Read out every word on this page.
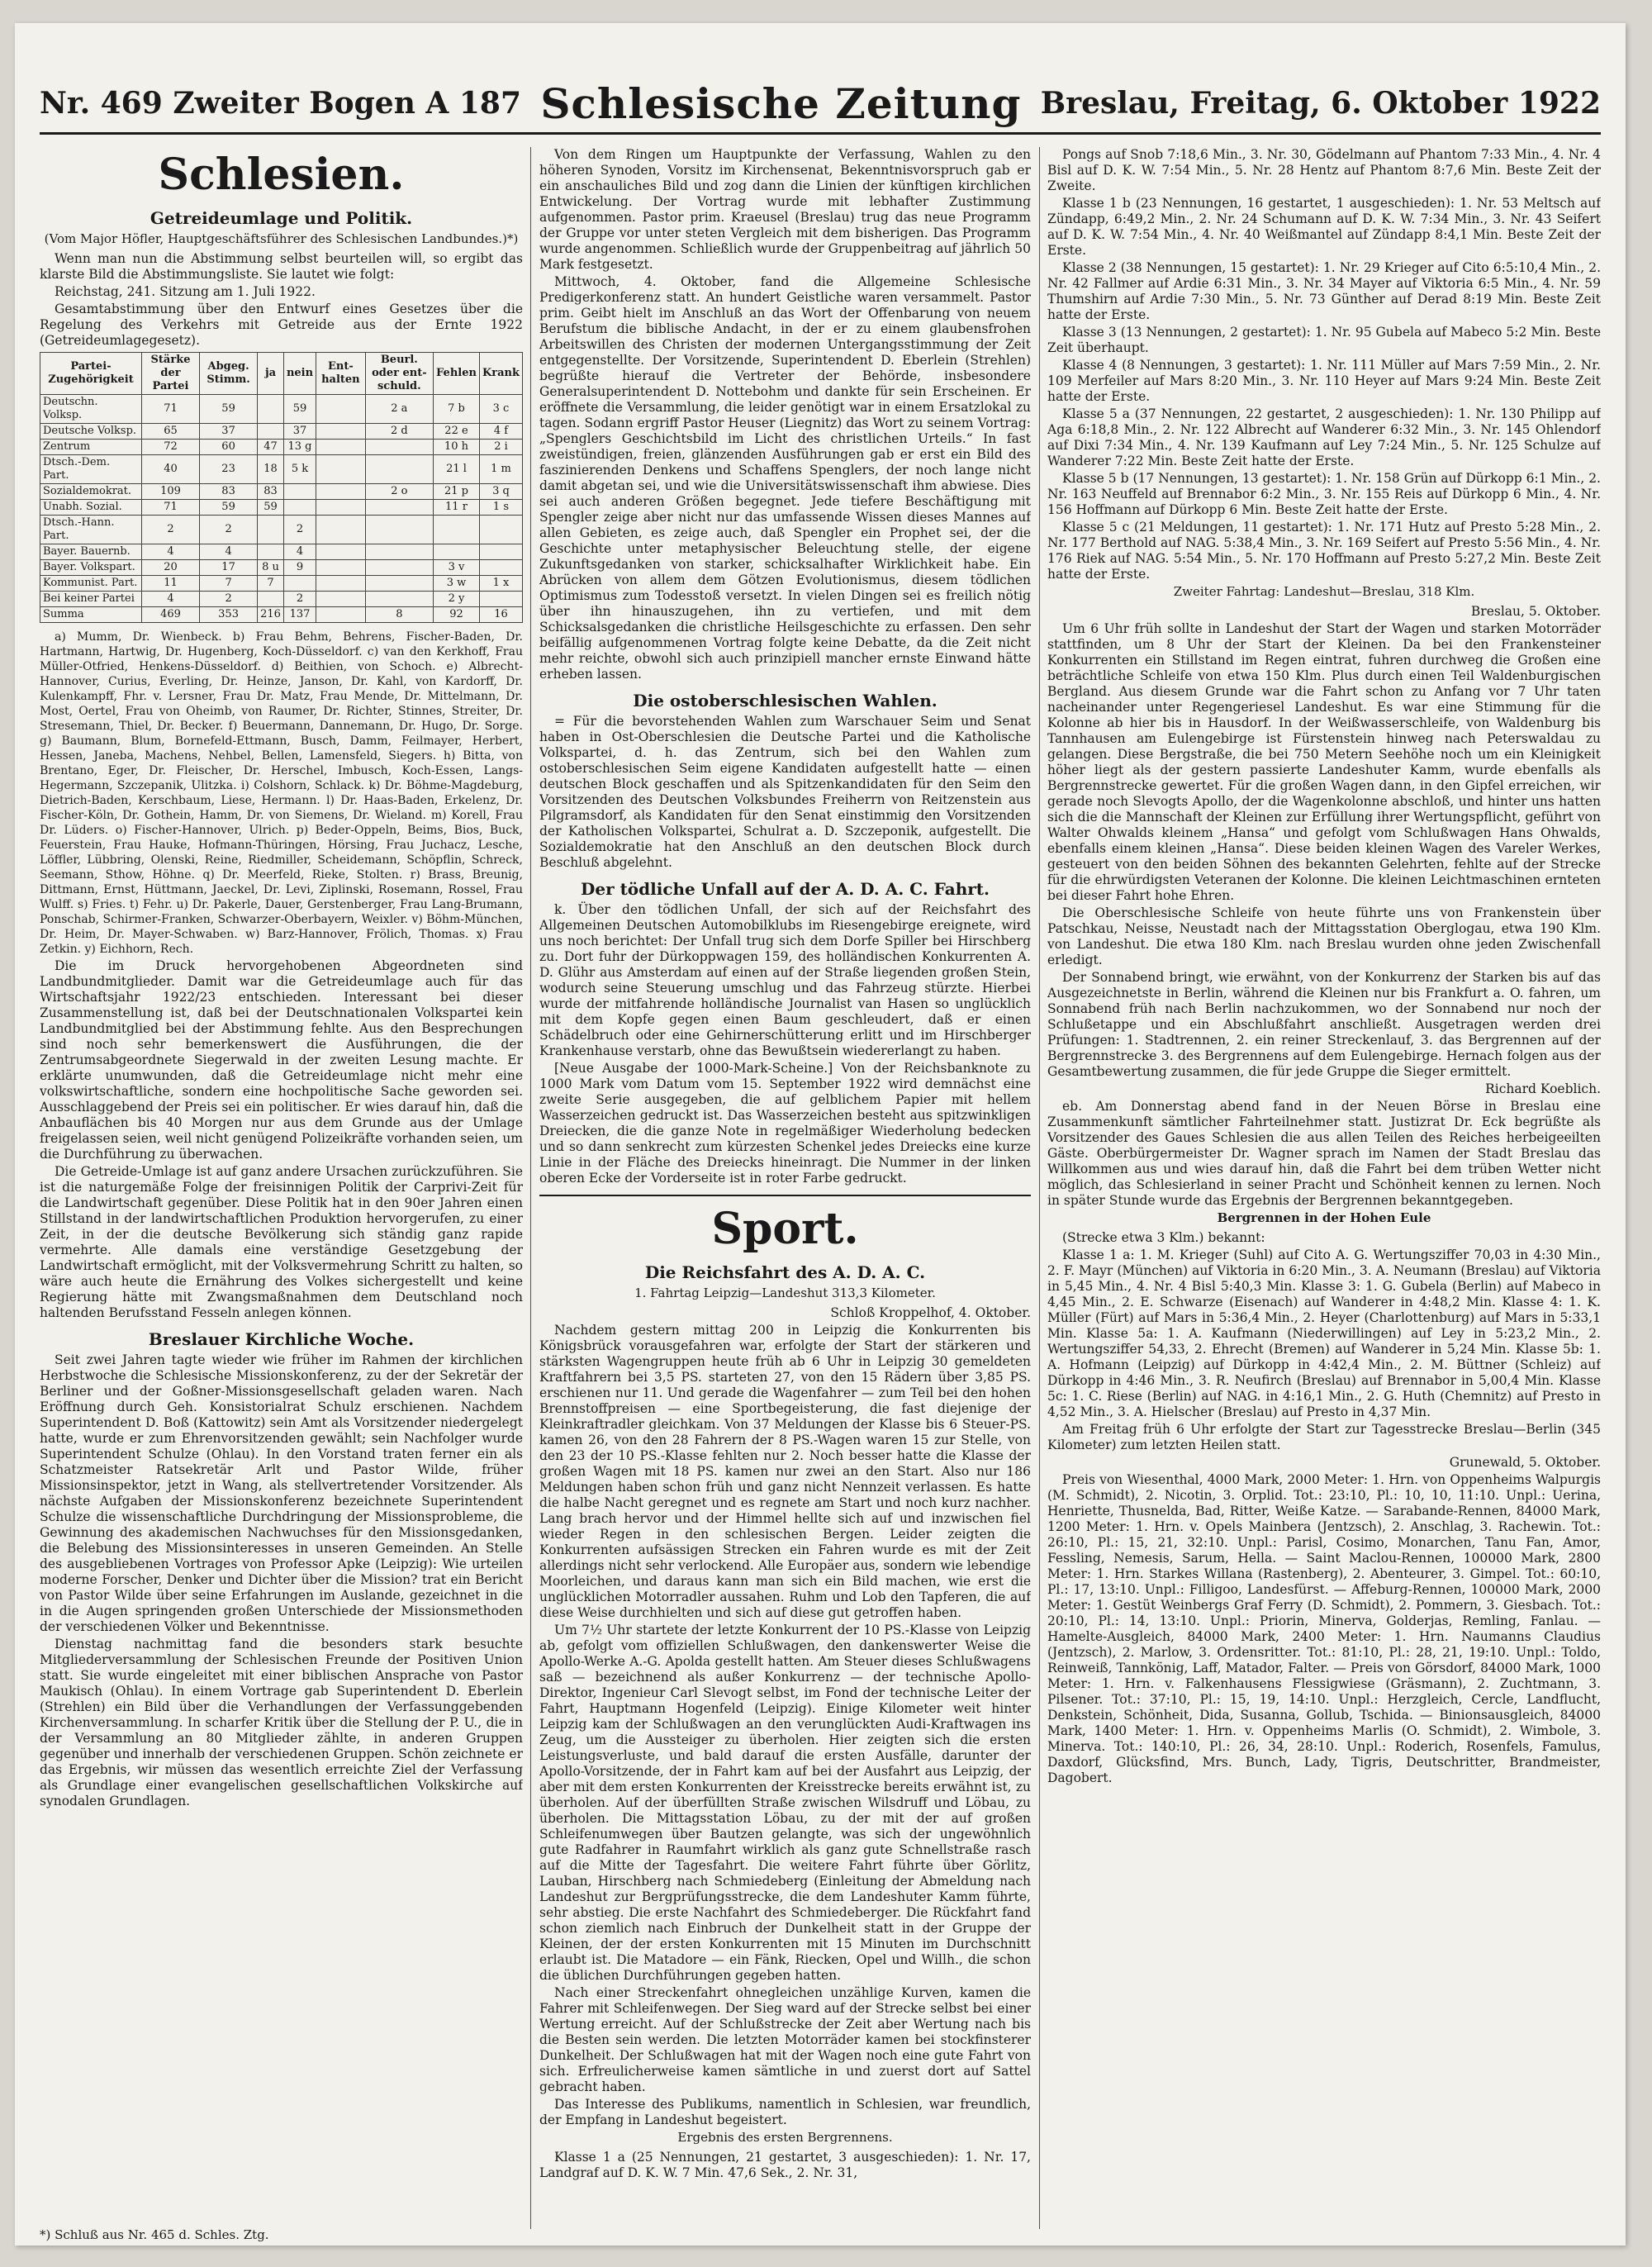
Nr. 469 Zweiter Bogen A 187 Schlesische Zeitung Breslau, Freitag, 6. Oktober 1922
Schlesien.
Getreideumlage und Politik.
(Vom Major Höfler, Hauptgeschäftsführer des Schlesischen Landbundes.)*)

Wenn man nun die Abstimmung selbst beurteilen will, so ergibt das klarste Bild die Abstimmungsliste. Sie lautet wie folgt:

Reichstag, 241. Sitzung am 1. Juli 1922.

Gesamtabstimmung über den Entwurf eines Gesetzes über die Regelung des Verkehrs mit Getreide aus der Ernte 1922 (Getreideumlagegesetz).

Partei-Zugehörigkeit	Stärke der Partei	Abgeg. Stimm.	ja	nein	Ent-halten	Beurl. oder ent-schuld.	Fehlen	Krank
Deutschn. Volksp.	71	59		59		2 a	7 b	3 c
Deutsche Volksp.	65	37		37		2 d	22 e	4 f
Zentrum	72	60	47	13 g			10 h	2 i
Dtsch.-Dem. Part.	40	23	18	5 k			21 l	1 m
Sozialdemokrat.	109	83	83			2 o	21 p	3 q
Unabh. Sozial.	71	59	59				11 r	1 s
Dtsch.-Hann. Part.	2	2		2				
Bayer. Bauernb.	4	4		4				
Bayer. Volkspart.	20	17	8 u	9			3 v	
Kommunist. Part.	11	7	7				3 w	1 x
Bei keiner Partei	4	2		2			2 y	
Summa	469	353	216	137		8	92	16

a) Mumm, Dr. Wienbeck. b) Frau Behm, Behrens, Fischer-Baden, Dr. Hartmann, Hartwig, Dr. Hugenberg, Koch-Düsseldorf. c) van den Kerkhoff, Frau Müller-Otfried, Henkens-Düsseldorf. d) Beithien, von Schoch. e) Albrecht-Hannover, Curius, Everling, Dr. Heinze, Janson, Dr. Kahl, von Kardorff, Dr. Kulenkampff, Fhr. v. Lersner, Frau Dr. Matz, Frau Mende, Dr. Mittelmann, Dr. Most, Oertel, Frau von Oheimb, von Raumer, Dr. Richter, Stinnes, Streiter, Dr. Stresemann, Thiel, Dr. Becker. f) Beuermann, Dannemann, Dr. Hugo, Dr. Sorge. g) Baumann, Blum, Bornefeld-Ettmann, Busch, Damm, Feilmayer, Herbert, Hessen, Janeba, Machens, Nehbel, Bellen, Lamensfeld, Siegers. h) Bitta, von Brentano, Eger, Dr. Fleischer, Dr. Herschel, Imbusch, Koch-Essen, Langs-Hegermann, Szczepanik, Ulitzka. i) Colshorn, Schlack. k) Dr. Böhme-Magdeburg, Dietrich-Baden, Kerschbaum, Liese, Hermann. l) Dr. Haas-Baden, Erkelenz, Dr. Fischer-Köln, Dr. Gothein, Hamm, Dr. von Siemens, Dr. Wieland. m) Korell, Frau Dr. Lüders. o) Fischer-Hannover, Ulrich. p) Beder-Oppeln, Beims, Bios, Buck, Feuerstein, Frau Hauke, Hofmann-Thüringen, Hörsing, Frau Juchacz, Lesche, Löffler, Lübbring, Olenski, Reine, Riedmiller, Scheidemann, Schöpflin, Schreck, Seemann, Sthow, Höhne. q) Dr. Meerfeld, Rieke, Stolten. r) Brass, Breunig, Dittmann, Ernst, Hüttmann, Jaeckel, Dr. Levi, Ziplinski, Rosemann, Rossel, Frau Wulff. s) Fries. t) Fehr. u) Dr. Pakerle, Dauer, Gerstenberger, Frau Lang-Brumann, Ponschab, Schirmer-Franken, Schwarzer-Oberbayern, Weixler. v) Böhm-München, Dr. Heim, Dr. Mayer-Schwaben. w) Barz-Hannover, Frölich, Thomas. x) Frau Zetkin. y) Eichhorn, Rech.

Die im Druck hervorgehobenen Abgeordneten sind Landbundmitglieder. Damit war die Getreideumlage auch für das Wirtschaftsjahr 1922/23 entschieden. Interessant bei dieser Zusammenstellung ist, daß bei der Deutschnationalen Volkspartei kein Landbundmitglied bei der Abstimmung fehlte. Aus den Besprechungen sind noch sehr bemerkenswert die Ausführungen, die der Zentrumsabgeordnete Siegerwald in der zweiten Lesung machte. Er erklärte unumwunden, daß die Getreideumlage nicht mehr eine volkswirtschaftliche, sondern eine hochpolitische Sache geworden sei. Ausschlaggebend der Preis sei ein politischer. Er wies darauf hin, daß die Anbauflächen bis 40 Morgen nur aus dem Grunde aus der Umlage freigelassen seien, weil nicht genügend Polizeikräfte vorhanden seien, um die Durchführung zu überwachen.

Die Getreide-Umlage ist auf ganz andere Ursachen zurückzuführen. Sie ist die naturgemäße Folge der freisinnigen Politik der Carprivi-Zeit für die Landwirtschaft gegenüber. Diese Politik hat in den 90er Jahren einen Stillstand in der landwirtschaftlichen Produktion hervorgerufen, zu einer Zeit, in der die deutsche Bevölkerung sich ständig ganz rapide vermehrte. Alle damals eine verständige Gesetzgebung der Landwirtschaft ermöglicht, mit der Volksvermehrung Schritt zu halten, so wäre auch heute die Ernährung des Volkes sichergestellt und keine Regierung hätte mit Zwangsmaßnahmen dem Deutschland noch haltenden Berufsstand Fesseln anlegen können.

Breslauer Kirchliche Woche.

Seit zwei Jahren tagte wieder wie früher im Rahmen der kirchlichen Herbstwoche die Schlesische Missionskonferenz, zu der der Sekretär der Berliner und der Goßner-Missionsgesellschaft geladen waren. Nach Eröffnung durch Geh. Konsistorialrat Schulz erschienen. Nachdem Superintendent D. Boß (Kattowitz) sein Amt als Vorsitzender niedergelegt hatte, wurde er zum Ehrenvorsitzenden gewählt; sein Nachfolger wurde Superintendent Schulze (Ohlau). In den Vorstand traten ferner ein als Schatzmeister Ratsekretär Arlt und Pastor Wilde, früher Missionsinspektor, jetzt in Wang, als stellvertretender Vorsitzender. Als nächste Aufgaben der Missionskonferenz bezeichnete Superintendent Schulze die wissenschaftliche Durchdringung der Missionsprobleme, die Gewinnung des akademischen Nachwuchses für den Missionsgedanken, die Belebung des Missionsinteresses in unseren Gemeinden. An Stelle des ausgebliebenen Vortrages von Professor Apke (Leipzig): Wie urteilen moderne Forscher, Denker und Dichter über die Mission? trat ein Bericht von Pastor Wilde über seine Erfahrungen im Auslande, gezeichnet in die in die Augen springenden großen Unterschiede der Missionsmethoden der verschiedenen Völker und Bekenntnisse.

Dienstag nachmittag fand die besonders stark besuchte Mitgliederversammlung der Schlesischen Freunde der Positiven Union statt. Sie wurde eingeleitet mit einer biblischen Ansprache von Pastor Maukisch (Ohlau). In einem Vortrage gab Superintendent D. Eberlein (Strehlen) ein Bild über die Verhandlungen der Verfassunggebenden Kirchenversammlung. In scharfer Kritik über die Stellung der P. U., die in der Versammlung an 80 Mitglieder zählte, in anderen Gruppen gegenüber und innerhalb der verschiedenen Gruppen. Schön zeichnete er das Ergebnis, wir müssen das wesentlich erreichte Ziel der Verfassung als Grundlage einer evangelischen gesellschaftlichen Volkskirche auf synodalen Grundlagen.

*) Schluß aus Nr. 465 d. Schles. Ztg.

Von dem Ringen um Hauptpunkte der Verfassung, Wahlen zu den höheren Synoden, Vorsitz im Kirchensenat, Bekenntnisvorspruch gab er ein anschauliches Bild und zog dann die Linien der künftigen kirchlichen Entwickelung. Der Vortrag wurde mit lebhafter Zustimmung aufgenommen. Pastor prim. Kraeusel (Breslau) trug das neue Programm der Gruppe vor unter steten Vergleich mit dem bisherigen. Das Programm wurde angenommen. Schließlich wurde der Gruppenbeitrag auf jährlich 50 Mark festgesetzt.

Mittwoch, 4. Oktober, fand die Allgemeine Schlesische Predigerkonferenz statt. An hundert Geistliche waren versammelt. Pastor prim. Geibt hielt im Anschluß an das Wort der Offenbarung von neuem Berufstum die biblische Andacht, in der er zu einem glaubensfrohen Arbeitswillen des Christen der modernen Untergangsstimmung der Zeit entgegenstellte. Der Vorsitzende, Superintendent D. Eberlein (Strehlen) begrüßte hierauf die Vertreter der Behörde, insbesondere Generalsuperintendent D. Nottebohm und dankte für sein Erscheinen. Er eröffnete die Versammlung, die leider genötigt war in einem Ersatzlokal zu tagen. Sodann ergriff Pastor Heuser (Liegnitz) das Wort zu seinem Vortrag: „Spenglers Geschichtsbild im Licht des christlichen Urteils.“ In fast zweistündigen, freien, glänzenden Ausführungen gab er erst ein Bild des faszinierenden Denkens und Schaffens Spenglers, der noch lange nicht damit abgetan sei, und wie die Universitätswissenschaft ihm abwiese. Dies sei auch anderen Größen begegnet. Jede tiefere Beschäftigung mit Spengler zeige aber nicht nur das umfassende Wissen dieses Mannes auf allen Gebieten, es zeige auch, daß Spengler ein Prophet sei, der die Geschichte unter metaphysischer Beleuchtung stelle, der eigene Zukunftsgedanken von starker, schicksalhafter Wirklichkeit habe. Ein Abrücken von allem dem Götzen Evolutionismus, diesem tödlichen Optimismus zum Todesstoß versetzt. In vielen Dingen sei es freilich nötig über ihn hinauszugehen, ihn zu vertiefen, und mit dem Schicksalsgedanken die christliche Heilsgeschichte zu erfassen. Den sehr beifällig aufgenommenen Vortrag folgte keine Debatte, da die Zeit nicht mehr reichte, obwohl sich auch prinzipiell mancher ernste Einwand hätte erheben lassen.

Die ostoberschlesischen Wahlen.

= Für die bevorstehenden Wahlen zum Warschauer Seim und Senat haben in Ost-Oberschlesien die Deutsche Partei und die Katholische Volkspartei, d. h. das Zentrum, sich bei den Wahlen zum ostoberschlesischen Seim eigene Kandidaten aufgestellt hatte — einen deutschen Block geschaffen und als Spitzenkandidaten für den Seim den Vorsitzenden des Deutschen Volksbundes Freiherrn von Reitzenstein aus Pilgramsdorf, als Kandidaten für den Senat einstimmig den Vorsitzenden der Katholischen Volkspartei, Schulrat a. D. Szczeponik, aufgestellt. Die Sozialdemokratie hat den Anschluß an den deutschen Block durch Beschluß abgelehnt.

Der tödliche Unfall auf der A. D. A. C. Fahrt.

k. Über den tödlichen Unfall, der sich auf der Reichsfahrt des Allgemeinen Deutschen Automobilklubs im Riesengebirge ereignete, wird uns noch berichtet: Der Unfall trug sich dem Dorfe Spiller bei Hirschberg zu. Dort fuhr der Dürkoppwagen 159, des holländischen Konkurrenten A. D. Glühr aus Amsterdam auf einen auf der Straße liegenden großen Stein, wodurch seine Steuerung umschlug und das Fahrzeug stürzte. Hierbei wurde der mitfahrende holländische Journalist van Hasen so unglücklich mit dem Kopfe gegen einen Baum geschleudert, daß er einen Schädelbruch oder eine Gehirnerschütterung erlitt und im Hirschberger Krankenhause verstarb, ohne das Bewußtsein wiedererlangt zu haben.

[Neue Ausgabe der 1000-Mark-Scheine.] Von der Reichsbanknote zu 1000 Mark vom Datum vom 15. September 1922 wird demnächst eine zweite Serie ausgegeben, die auf gelblichem Papier mit hellem Wasserzeichen gedruckt ist. Das Wasserzeichen besteht aus spitzwinkligen Dreiecken, die die ganze Note in regelmäßiger Wiederholung bedecken und so dann senkrecht zum kürzesten Schenkel jedes Dreiecks eine kurze Linie in der Fläche des Dreiecks hineinragt. Die Nummer in der linken oberen Ecke der Vorderseite ist in roter Farbe gedruckt.

Sport.
Die Reichsfahrt des A. D. A. C.
1. Fahrtag Leipzig—Landeshut 313,3 Kilometer.

Schloß Kroppelhof, 4. Oktober.

Nachdem gestern mittag 200 in Leipzig die Konkurrenten bis Königsbrück vorausgefahren war, erfolgte der Start der stärkeren und stärksten Wagengruppen heute früh ab 6 Uhr in Leipzig 30 gemeldeten Kraftfahrern bei 3,5 PS. starteten 27, von den 15 Rädern über 3,85 PS. erschienen nur 11. Und gerade die Wagenfahrer — zum Teil bei den hohen Brennstoffpreisen — eine Sportbegeisterung, die fast diejenige der Kleinkraftradler gleichkam. Von 37 Meldungen der Klasse bis 6 Steuer-PS. kamen 26, von den 28 Fahrern der 8 PS.-Wagen waren 15 zur Stelle, von den 23 der 10 PS.-Klasse fehlten nur 2. Noch besser hatte die Klasse der großen Wagen mit 18 PS. kamen nur zwei an den Start. Also nur 186 Meldungen haben schon früh und ganz nicht Nennzeit verlassen. Es hatte die halbe Nacht geregnet und es regnete am Start und noch kurz nachher. Lang brach hervor und der Himmel hellte sich auf und inzwischen fiel wieder Regen in den schlesischen Bergen. Leider zeigten die Konkurrenten aufsässigen Strecken ein Fahren wurde es mit der Zeit allerdings nicht sehr verlockend. Alle Europäer aus, sondern wie lebendige Moorleichen, und daraus kann man sich ein Bild machen, wie erst die unglücklichen Motorradler aussahen. Ruhm und Lob den Tapferen, die auf diese Weise durchhielten und sich auf diese gut getroffen haben.

Um 7½ Uhr startete der letzte Konkurrent der 10 PS.-Klasse von Leipzig ab, gefolgt vom offiziellen Schlußwagen, den dankenswerter Weise die Apollo-Werke A.-G. Apolda gestellt hatten. Am Steuer dieses Schlußwagens saß — bezeichnend als außer Konkurrenz — der technische Apollo-Direktor, Ingenieur Carl Slevogt selbst, im Fond der technische Leiter der Fahrt, Hauptmann Hogenfeld (Leipzig). Einige Kilometer weit hinter Leipzig kam der Schlußwagen an den verunglückten Audi-Kraftwagen ins Zeug, um die Aussteiger zu überholen. Hier zeigten sich die ersten Leistungsverluste, und bald darauf die ersten Ausfälle, darunter der Apollo-Vorsitzende, der in Fahrt kam auf bei der Ausfahrt aus Leipzig, der aber mit dem ersten Konkurrenten der Kreisstrecke bereits erwähnt ist, zu überholen. Auf der überfüllten Straße zwischen Wilsdruff und Löbau, zu überholen. Die Mittagsstation Löbau, zu der mit der auf großen Schleifenumwegen über Bautzen gelangte, was sich der ungewöhnlich gute Radfahrer in Raumfahrt wirklich als ganz gute Schnellstraße rasch auf die Mitte der Tagesfahrt. Die weitere Fahrt führte über Görlitz, Lauban, Hirschberg nach Schmiedeberg (Einleitung der Abmeldung nach Landeshut zur Bergprüfungsstrecke, die dem Landeshuter Kamm führte, sehr abstieg. Die erste Nachfahrt des Schmiedeberger. Die Rückfahrt fand schon ziemlich nach Einbruch der Dunkelheit statt in der Gruppe der Kleinen, der der ersten Konkurrenten mit 15 Minuten im Durchschnitt erlaubt ist. Die Matadore — ein Fänk, Riecken, Opel und Willh., die schon die üblichen Durchführungen gegeben hatten.

Nach einer Streckenfahrt ohnegleichen unzählige Kurven, kamen die Fahrer mit Schleifenwegen. Der Sieg ward auf der Strecke selbst bei einer Wertung erreicht. Auf der Schlußstrecke der Zeit aber Wertung nach bis die Besten sein werden. Die letzten Motorräder kamen bei stockfinsterer Dunkelheit. Der Schlußwagen hat mit der Wagen noch eine gute Fahrt von sich. Erfreulicherweise kamen sämtliche in und zuerst dort auf Sattel gebracht haben.

Das Interesse des Publikums, namentlich in Schlesien, war freundlich, der Empfang in Landeshut begeistert.

Ergebnis des ersten Bergrennens.

Klasse 1 a (25 Nennungen, 21 gestartet, 3 ausgeschieden): 1. Nr. 17, Landgraf auf D. K. W. 7 Min. 47,6 Sek., 2. Nr. 31,

Pongs auf Snob 7:18,6 Min., 3. Nr. 30, Gödelmann auf Phantom 7:33 Min., 4. Nr. 4 Bisl auf D. K. W. 7:54 Min., 5. Nr. 28 Hentz auf Phantom 8:7,6 Min. Beste Zeit der Zweite.

Klasse 1 b (23 Nennungen, 16 gestartet, 1 ausgeschieden): 1. Nr. 53 Meltsch auf Zündapp, 6:49,2 Min., 2. Nr. 24 Schumann auf D. K. W. 7:34 Min., 3. Nr. 43 Seifert auf D. K. W. 7:54 Min., 4. Nr. 40 Weißmantel auf Zündapp 8:4,1 Min. Beste Zeit der Erste.

Klasse 2 (38 Nennungen, 15 gestartet): 1. Nr. 29 Krieger auf Cito 6:5:10,4 Min., 2. Nr. 42 Fallmer auf Ardie 6:31 Min., 3. Nr. 34 Mayer auf Viktoria 6:5 Min., 4. Nr. 59 Thumshirn auf Ardie 7:30 Min., 5. Nr. 73 Günther auf Derad 8:19 Min. Beste Zeit hatte der Erste.

Klasse 3 (13 Nennungen, 2 gestartet): 1. Nr. 95 Gubela auf Mabeco 5:2 Min. Beste Zeit überhaupt.

Klasse 4 (8 Nennungen, 3 gestartet): 1. Nr. 111 Müller auf Mars 7:59 Min., 2. Nr. 109 Merfeiler auf Mars 8:20 Min., 3. Nr. 110 Heyer auf Mars 9:24 Min. Beste Zeit hatte der Erste.

Klasse 5 a (37 Nennungen, 22 gestartet, 2 ausgeschieden): 1. Nr. 130 Philipp auf Aga 6:18,8 Min., 2. Nr. 122 Albrecht auf Wanderer 6:32 Min., 3. Nr. 145 Ohlendorf auf Dixi 7:34 Min., 4. Nr. 139 Kaufmann auf Ley 7:24 Min., 5. Nr. 125 Schulze auf Wanderer 7:22 Min. Beste Zeit hatte der Erste.

Klasse 5 b (17 Nennungen, 13 gestartet): 1. Nr. 158 Grün auf Dürkopp 6:1 Min., 2. Nr. 163 Neuffeld auf Brennabor 6:2 Min., 3. Nr. 155 Reis auf Dürkopp 6 Min., 4. Nr. 156 Hoffmann auf Dürkopp 6 Min. Beste Zeit hatte der Erste.

Klasse 5 c (21 Meldungen, 11 gestartet): 1. Nr. 171 Hutz auf Presto 5:28 Min., 2. Nr. 177 Berthold auf NAG. 5:38,4 Min., 3. Nr. 169 Seifert auf Presto 5:56 Min., 4. Nr. 176 Riek auf NAG. 5:54 Min., 5. Nr. 170 Hoffmann auf Presto 5:27,2 Min. Beste Zeit hatte der Erste.

Zweiter Fahrtag: Landeshut—Breslau, 318 Klm.

Breslau, 5. Oktober.

Um 6 Uhr früh sollte in Landeshut der Start der Wagen und starken Motorräder stattfinden, um 8 Uhr der Start der Kleinen. Da bei den Frankensteiner Konkurrenten ein Stillstand im Regen eintrat, fuhren durchweg die Großen eine beträchtliche Schleife von etwa 150 Klm. Plus durch einen Teil Waldenburgischen Bergland. Aus diesem Grunde war die Fahrt schon zu Anfang vor 7 Uhr taten nacheinander unter Regengeriesel Landeshut. Es war eine Stimmung für die Kolonne ab hier bis in Hausdorf. In der Weißwasserschleife, von Waldenburg bis Tannhausen am Eulengebirge ist Fürstenstein hinweg nach Peterswaldau zu gelangen. Diese Bergstraße, die bei 750 Metern Seehöhe noch um ein Kleinigkeit höher liegt als der gestern passierte Landeshuter Kamm, wurde ebenfalls als Bergrennstrecke gewertet. Für die großen Wagen dann, in den Gipfel erreichen, wir gerade noch Slevogts Apollo, der die Wagenkolonne abschloß, und hinter uns hatten sich die die Mannschaft der Kleinen zur Erfüllung ihrer Wertungspflicht, geführt von Walter Ohwalds kleinem „Hansa“ und gefolgt vom Schlußwagen Hans Ohwalds, ebenfalls einem kleinen „Hansa“. Diese beiden kleinen Wagen des Vareler Werkes, gesteuert von den beiden Söhnen des bekannten Gelehrten, fehlte auf der Strecke für die ehrwürdigsten Veteranen der Kolonne. Die kleinen Leichtmaschinen ernteten bei dieser Fahrt hohe Ehren.

Die Oberschlesische Schleife von heute führte uns von Frankenstein über Patschkau, Neisse, Neustadt nach der Mittagsstation Oberglogau, etwa 190 Klm. von Landeshut. Die etwa 180 Klm. nach Breslau wurden ohne jeden Zwischenfall erledigt.

Der Sonnabend bringt, wie erwähnt, von der Konkurrenz der Starken bis auf das Ausgezeichnetste in Berlin, während die Kleinen nur bis Frankfurt a. O. fahren, um Sonnabend früh nach Berlin nachzukommen, wo der Sonnabend nur noch der Schlußetappe und ein Abschlußfahrt anschließt. Ausgetragen werden drei Prüfungen: 1. Stadtrennen, 2. ein reiner Streckenlauf, 3. das Bergrennen auf der Bergrennstrecke 3. des Bergrennens auf dem Eulengebirge. Hernach folgen aus der Gesamtbewertung zusammen, die für jede Gruppe die Sieger ermittelt.

Richard Koeblich.

eb. Am Donnerstag abend fand in der Neuen Börse in Breslau eine Zusammenkunft sämtlicher Fahrteilnehmer statt. Justizrat Dr. Eck begrüßte als Vorsitzender des Gaues Schlesien die aus allen Teilen des Reiches herbeigeeilten Gäste. Oberbürgermeister Dr. Wagner sprach im Namen der Stadt Breslau das Willkommen aus und wies darauf hin, daß die Fahrt bei dem trüben Wetter nicht möglich, das Schlesierland in seiner Pracht und Schönheit kennen zu lernen. Noch in später Stunde wurde das Ergebnis der Bergrennen bekanntgegeben.

Bergrennen in der Hohen Eule

(Strecke etwa 3 Klm.) bekannt:

Klasse 1 a: 1. M. Krieger (Suhl) auf Cito A. G. Wertungsziffer 70,03 in 4:30 Min., 2. F. Mayr (München) auf Viktoria in 6:20 Min., 3. A. Neumann (Breslau) auf Viktoria in 5,45 Min., 4. Nr. 4 Bisl 5:40,3 Min. Klasse 3: 1. G. Gubela (Berlin) auf Mabeco in 4,45 Min., 2. E. Schwarze (Eisenach) auf Wanderer in 4:48,2 Min. Klasse 4: 1. K. Müller (Fürt) auf Mars in 5:36,4 Min., 2. Heyer (Charlottenburg) auf Mars in 5:33,1 Min. Klasse 5a: 1. A. Kaufmann (Niederwillingen) auf Ley in 5:23,2 Min., 2. Wertungsziffer 54,33, 2. Ehrecht (Bremen) auf Wanderer in 5,24 Min. Klasse 5b: 1. A. Hofmann (Leipzig) auf Dürkopp in 4:42,4 Min., 2. M. Büttner (Schleiz) auf Dürkopp in 4:46 Min., 3. R. Neufirch (Breslau) auf Brennabor in 5,00,4 Min. Klasse 5c: 1. C. Riese (Berlin) auf NAG. in 4:16,1 Min., 2. G. Huth (Chemnitz) auf Presto in 4,52 Min., 3. A. Hielscher (Breslau) auf Presto in 4,37 Min.

Am Freitag früh 6 Uhr erfolgte der Start zur Tagesstrecke Breslau—Berlin (345 Kilometer) zum letzten Heilen statt.

Grunewald, 5. Oktober.

Preis von Wiesenthal, 4000 Mark, 2000 Meter: 1. Hrn. von Oppenheims Walpurgis (M. Schmidt), 2. Nicotin, 3. Orplid. Tot.: 23:10, Pl.: 10, 10, 11:10. Unpl.: Uerina, Henriette, Thusnelda, Bad, Ritter, Weiße Katze. — Sarabande-Rennen, 84000 Mark, 1200 Meter: 1. Hrn. v. Opels Mainbera (Jentzsch), 2. Anschlag, 3. Rachewin. Tot.: 26:10, Pl.: 15, 21, 32:10. Unpl.: Parisl, Cosimo, Monarchen, Tanu Fan, Amor, Fessling, Nemesis, Sarum, Hella. — Saint Maclou-Rennen, 100000 Mark, 2800 Meter: 1. Hrn. Starkes Willana (Rastenberg), 2. Abenteurer, 3. Gimpel. Tot.: 60:10, Pl.: 17, 13:10. Unpl.: Filligoo, Landesfürst. — Affeburg-Rennen, 100000 Mark, 2000 Meter: 1. Gestüt Weinbergs Graf Ferry (D. Schmidt), 2. Pommern, 3. Giesbach. Tot.: 20:10, Pl.: 14, 13:10. Unpl.: Priorin, Minerva, Golderjas, Remling, Fanlau. — Hamelte-Ausgleich, 84000 Mark, 2400 Meter: 1. Hrn. Naumanns Claudius (Jentzsch), 2. Marlow, 3. Ordensritter. Tot.: 81:10, Pl.: 28, 21, 19:10. Unpl.: Toldo, Reinweiß, Tannkönig, Laff, Matador, Falter. — Preis von Görsdorf, 84000 Mark, 1000 Meter: 1. Hrn. v. Falkenhausens Flessigwiese (Gräsmann), 2. Zuchtmann, 3. Pilsener. Tot.: 37:10, Pl.: 15, 19, 14:10. Unpl.: Herzgleich, Cercle, Landflucht, Denkstein, Schönheit, Dida, Susanna, Gollub, Tschida. — Binionsausgleich, 84000 Mark, 1400 Meter: 1. Hrn. v. Oppenheims Marlis (O. Schmidt), 2. Wimbole, 3. Minerva. Tot.: 140:10, Pl.: 26, 34, 28:10. Unpl.: Roderich, Rosenfels, Famulus, Daxdorf, Glücksfind, Mrs. Bunch, Lady, Tigris, Deutschritter, Brandmeister, Dagobert.
